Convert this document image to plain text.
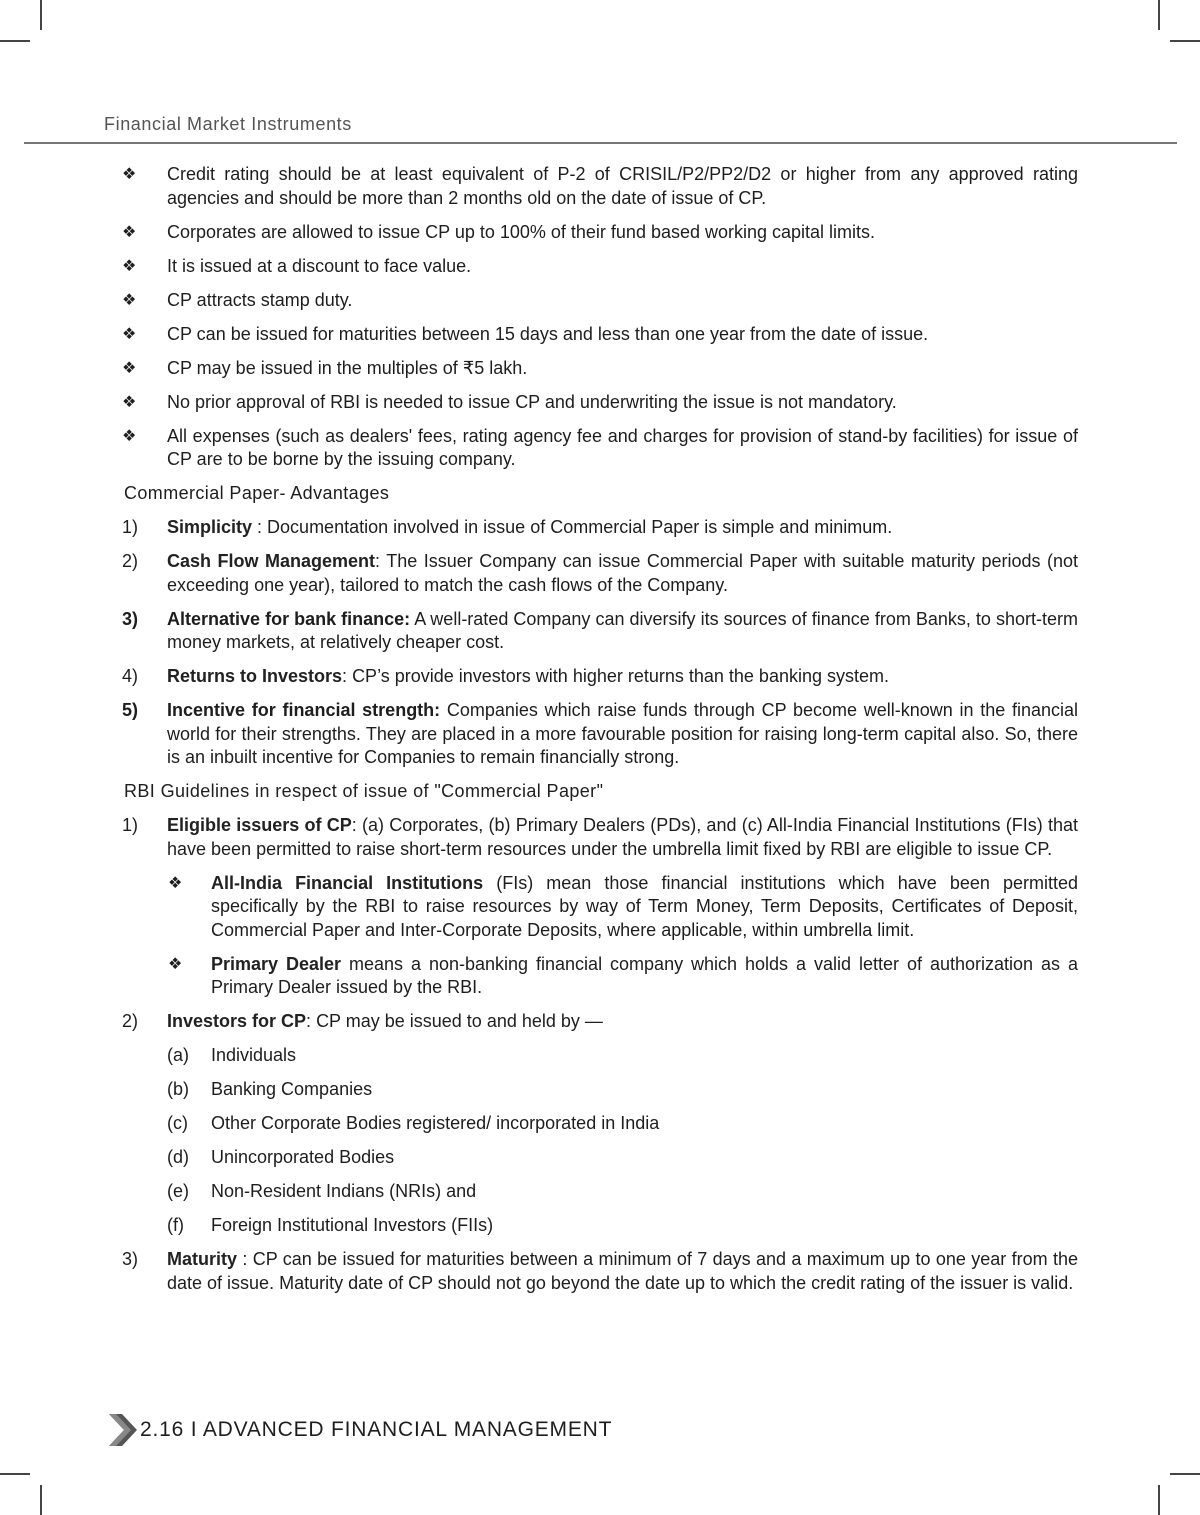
Financial Market Instruments
❖ Credit rating should be at least equivalent of P-2 of CRISIL/P2/PP2/D2 or higher from any approved rating agencies and should be more than 2 months old on the date of issue of CP.
❖ Corporates are allowed to issue CP up to 100% of their fund based working capital limits.
❖ It is issued at a discount to face value.
❖ CP attracts stamp duty.
❖ CP can be issued for maturities between 15 days and less than one year from the date of issue.
❖ CP may be issued in the multiples of ₹5 lakh.
❖ No prior approval of RBI is needed to issue CP and underwriting the issue is not mandatory.
❖ All expenses (such as dealers' fees, rating agency fee and charges for provision of stand-by facilities) for issue of CP are to be borne by the issuing company.
Commercial Paper- Advantages
1) Simplicity : Documentation involved in issue of Commercial Paper is simple and minimum.
2) Cash Flow Management: The Issuer Company can issue Commercial Paper with suitable maturity periods (not exceeding one year), tailored to match the cash flows of the Company.
3) Alternative for bank finance: A well-rated Company can diversify its sources of finance from Banks, to short-term money markets, at relatively cheaper cost.
4) Returns to Investors: CP’s provide investors with higher returns than the banking system.
5) Incentive for financial strength: Companies which raise funds through CP become well-known in the financial world for their strengths. They are placed in a more favourable position for raising long-term capital also. So, there is an inbuilt incentive for Companies to remain financially strong.
RBI Guidelines in respect of issue of "Commercial Paper"
1) Eligible issuers of CP: (a) Corporates, (b) Primary Dealers (PDs), and (c) All-India Financial Institutions (FIs) that have been permitted to raise short-term resources under the umbrella limit fixed by RBI are eligible to issue CP.
❖ All-India Financial Institutions (FIs) mean those financial institutions which have been permitted specifically by the RBI to raise resources by way of Term Money, Term Deposits, Certificates of Deposit, Commercial Paper and Inter-Corporate Deposits, where applicable, within umbrella limit.
❖ Primary Dealer means a non-banking financial company which holds a valid letter of authorization as a Primary Dealer issued by the RBI.
2) Investors for CP: CP may be issued to and held by —
(a) Individuals
(b) Banking Companies
(c) Other Corporate Bodies registered/ incorporated in India
(d) Unincorporated Bodies
(e) Non-Resident Indians (NRIs) and
(f) Foreign Institutional Investors (FIIs)
3) Maturity : CP can be issued for maturities between a minimum of 7 days and a maximum up to one year from the date of issue. Maturity date of CP should not go beyond the date up to which the credit rating of the issuer is valid.
2.16 I ADVANCED FINANCIAL MANAGEMENT
